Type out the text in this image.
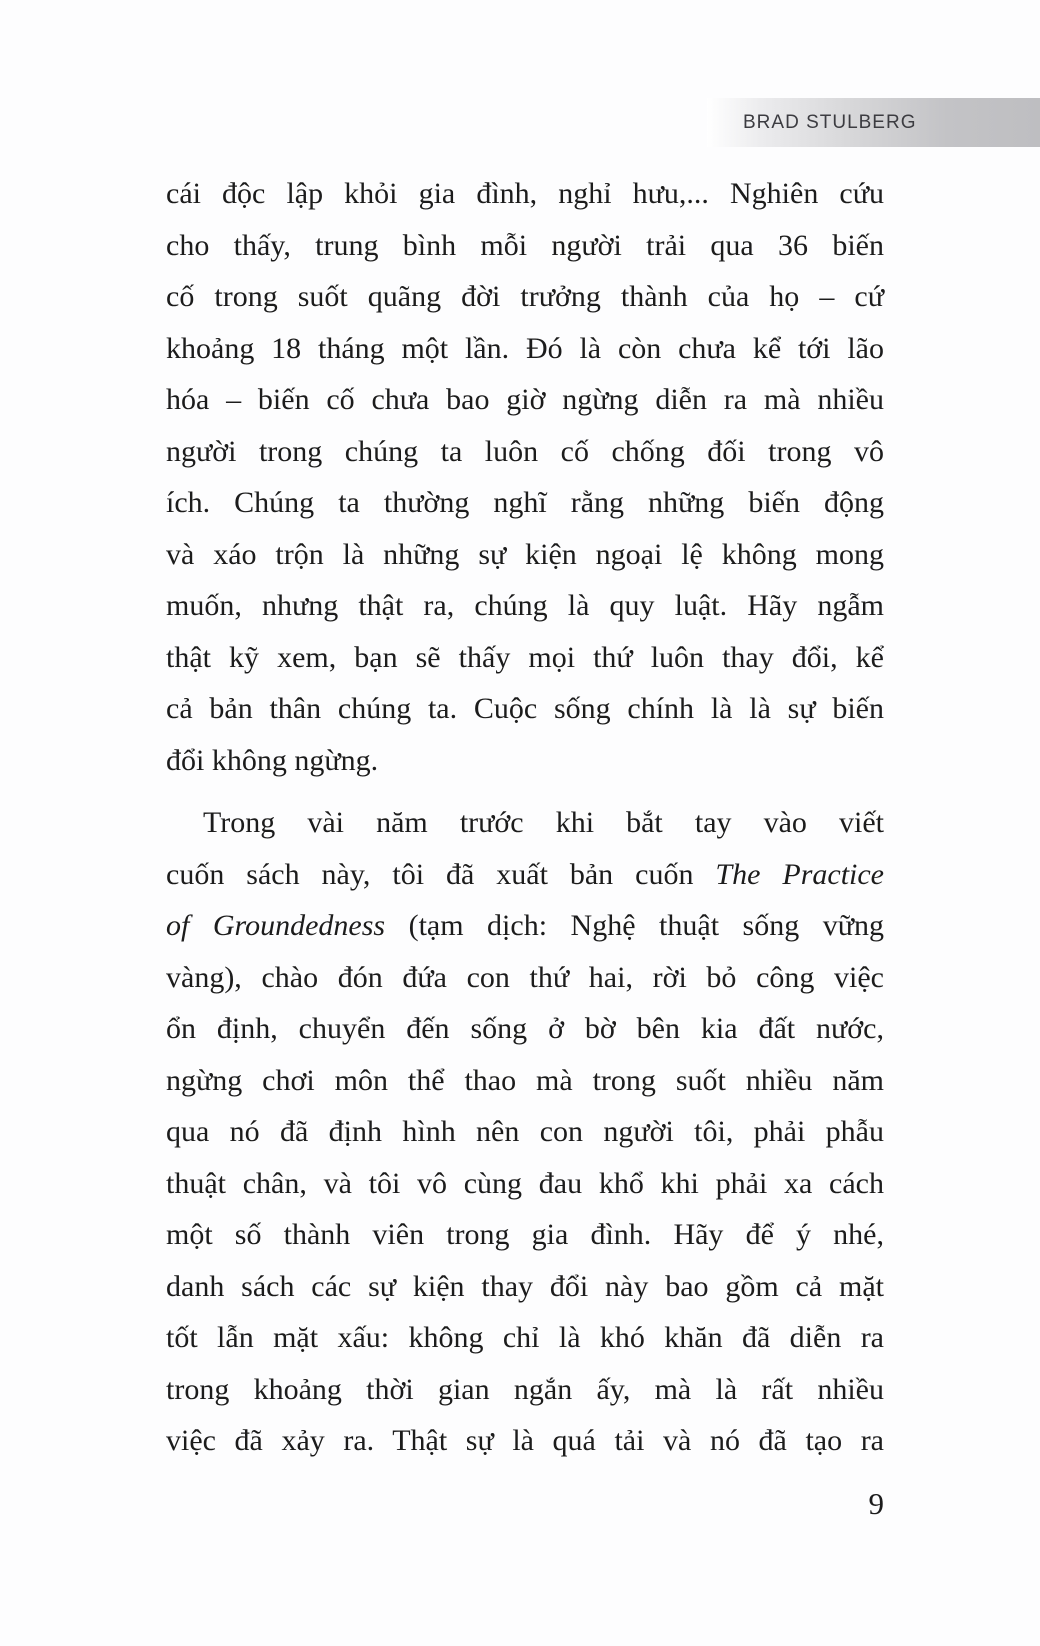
BRAD STULBERG
cái độc lập khỏi gia đình, nghỉ hưu,... Nghiên cứu
cho thấy, trung bình mỗi người trải qua 36 biến
cố trong suốt quãng đời trưởng thành của họ – cứ
khoảng 18 tháng một lần. Đó là còn chưa kể tới lão
hóa – biến cố chưa bao giờ ngừng diễn ra mà nhiều
người trong chúng ta luôn cố chống đối trong vô
ích. Chúng ta thường nghĩ rằng những biến động
và xáo trộn là những sự kiện ngoại lệ không mong
muốn, nhưng thật ra, chúng là quy luật. Hãy ngẫm
thật kỹ xem, bạn sẽ thấy mọi thứ luôn thay đổi, kể
cả bản thân chúng ta. Cuộc sống chính là là sự biến
đổi không ngừng.
Trong vài năm trước khi bắt tay vào viết
cuốn sách này, tôi đã xuất bản cuốn The Practice
of Groundedness (tạm dịch: Nghệ thuật sống vững
vàng), chào đón đứa con thứ hai, rời bỏ công việc
ổn định, chuyển đến sống ở bờ bên kia đất nước,
ngừng chơi môn thể thao mà trong suốt nhiều năm
qua nó đã định hình nên con người tôi, phải phẫu
thuật chân, và tôi vô cùng đau khổ khi phải xa cách
một số thành viên trong gia đình. Hãy để ý nhé,
danh sách các sự kiện thay đổi này bao gồm cả mặt
tốt lẫn mặt xấu: không chỉ là khó khăn đã diễn ra
trong khoảng thời gian ngắn ấy, mà là rất nhiều
việc đã xảy ra. Thật sự là quá tải và nó đã tạo ra
9
